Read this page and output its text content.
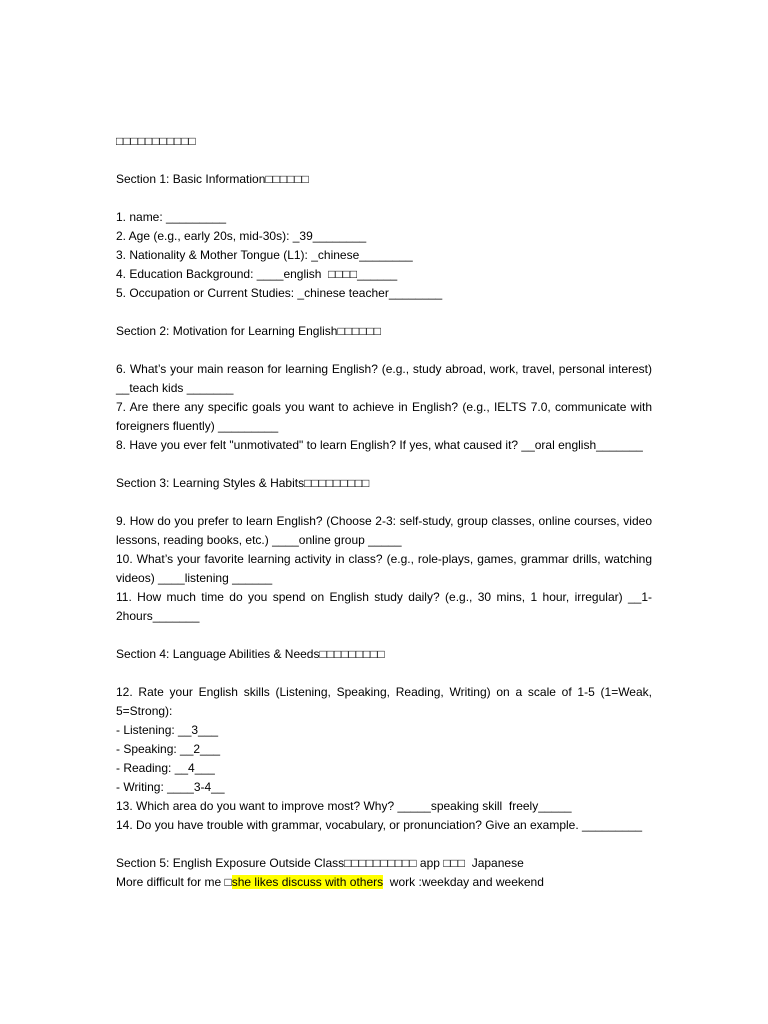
□□□□□□□□□□□
Section 1: Basic Information□□□□□□
1. name: _________
2. Age (e.g., early 20s, mid-30s): _39________
3. Nationality & Mother Tongue (L1): _chinese________
4. Education Background: ____english  □□□□______
5. Occupation or Current Studies: _chinese teacher________
Section 2: Motivation for Learning English□□□□□□
6. What’s your main reason for learning English? (e.g., study abroad, work, travel, personal interest) __teach kids _______
7. Are there any specific goals you want to achieve in English? (e.g., IELTS 7.0, communicate with foreigners fluently) _________
8. Have you ever felt "unmotivated" to learn English? If yes, what caused it? __oral english_______
Section 3: Learning Styles & Habits□□□□□□□□□
9. How do you prefer to learn English? (Choose 2-3: self-study, group classes, online courses, video lessons, reading books, etc.) ____online group _____
10. What’s your favorite learning activity in class? (e.g., role-plays, games, grammar drills, watching videos) ____listening ______
11. How much time do you spend on English study daily? (e.g., 30 mins, 1 hour, irregular) __1-2hours_______
Section 4: Language Abilities & Needs□□□□□□□□□
12. Rate your English skills (Listening, Speaking, Reading, Writing) on a scale of 1-5 (1=Weak, 5=Strong):
- Listening: __3___
- Speaking: __2___
- Reading: __4___
- Writing: ____3-4__
13. Which area do you want to improve most? Why? _____speaking skill  freely_____
14. Do you have trouble with grammar, vocabulary, or pronunciation? Give an example. _________
Section 5: English Exposure Outside Class□□□□□□□□□□ app □□□  Japanese
More difficult for me □she likes discuss with others  work :weekday and weekend
